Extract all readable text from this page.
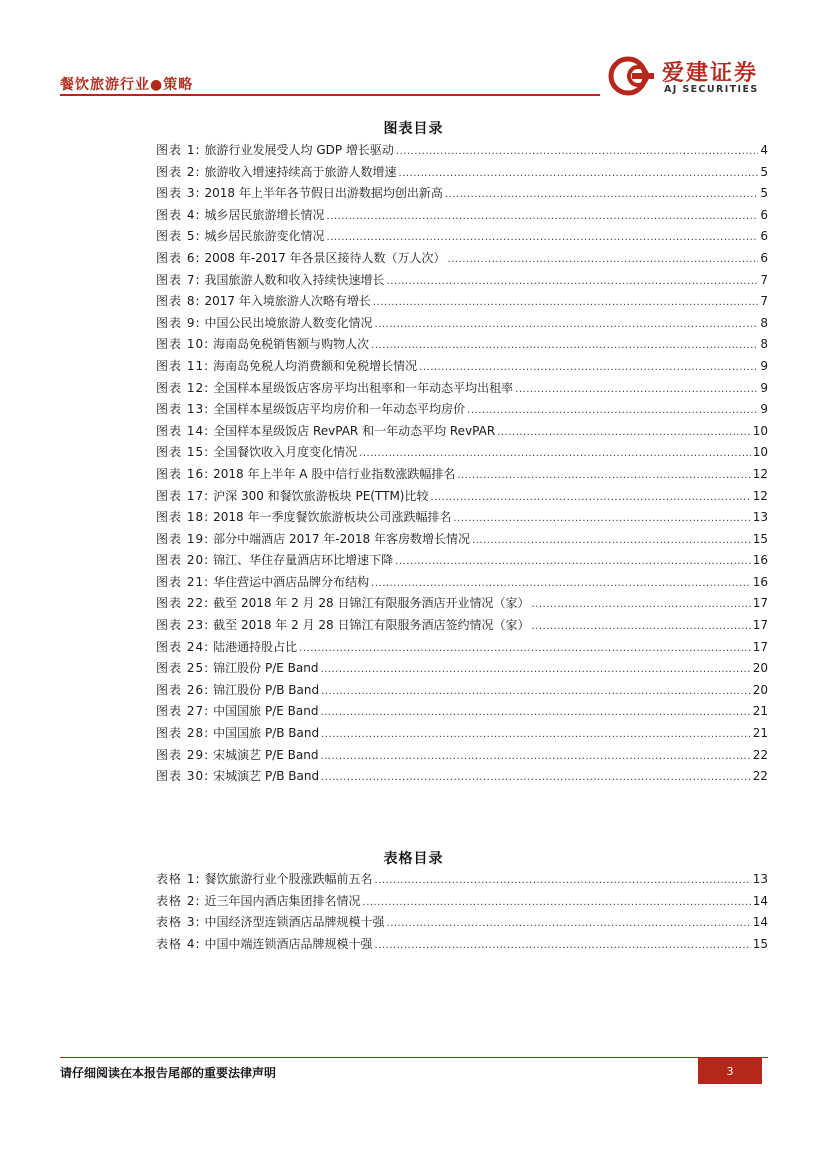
餐饮旅游行业●策略	爱建证券
AJ SECURITIES
图表目录
图表 1: 旅游行业发展受人均 GDP 增长驱动 .....	4
图表 2: 旅游收入增速持续高于旅游人数增速 .....	5
图表 3: 2018 年上半年各节假日出游数据均创出新高 .....	5
图表 4: 城乡居民旅游增长情况 .....	6
图表 5: 城乡居民旅游变化情况 .....	6
图表 6: 2008 年-2017 年各景区接待人数（万人次） .....	6
图表 7: 我国旅游人数和收入持续快速增长 .....	7
图表 8: 2017 年入境旅游人次略有增长 .....	7
图表 9: 中国公民出境旅游人数变化情况 .....	8
图表 10: 海南岛免税销售额与购物人次 .....	8
图表 11: 海南岛免税人均消费额和免税增长情况 .....	9
图表 12: 全国样本星级饭店客房平均出租率和一年动态平均出租率 .....	9
图表 13: 全国样本星级饭店平均房价和一年动态平均房价 .....	9
图表 14: 全国样本星级饭店 RevPAR 和一年动态平均 RevPAR .....	10
图表 15: 全国餐饮收入月度变化情况 .....	10
图表 16: 2018 年上半年 A 股中信行业指数涨跌幅排名 .....	12
图表 17: 沪深 300 和餐饮旅游板块 PE(TTM)比较 .....	12
图表 18: 2018 年一季度餐饮旅游板块公司涨跌幅排名 .....	13
图表 19: 部分中端酒店 2017 年-2018 年客房数增长情况 .....	15
图表 20: 锦江、华住存量酒店环比增速下降 .....	16
图表 21: 华住营运中酒店品牌分布结构 .....	16
图表 22: 截至 2018 年 2 月 28 日锦江有限服务酒店开业情况（家） .....	17
图表 23: 截至 2018 年 2 月 28 日锦江有限服务酒店签约情况（家） .....	17
图表 24: 陆港通持股占比 .....	17
图表 25: 锦江股份 P/E Band .....	20
图表 26: 锦江股份 P/B Band .....	20
图表 27: 中国国旅 P/E Band .....	21
图表 28: 中国国旅 P/B Band .....	21
图表 29: 宋城演艺 P/E Band .....	22
图表 30: 宋城演艺 P/B Band .....	22
表格目录
表格 1: 餐饮旅游行业个股涨跌幅前五名 .....	13
表格 2: 近三年国内酒店集团排名情况 .....	14
表格 3: 中国经济型连锁酒店品牌规模十强 .....	14
表格 4: 中国中端连锁酒店品牌规模十强 .....	15
请仔细阅读在本报告尾部的重要法律声明	3
